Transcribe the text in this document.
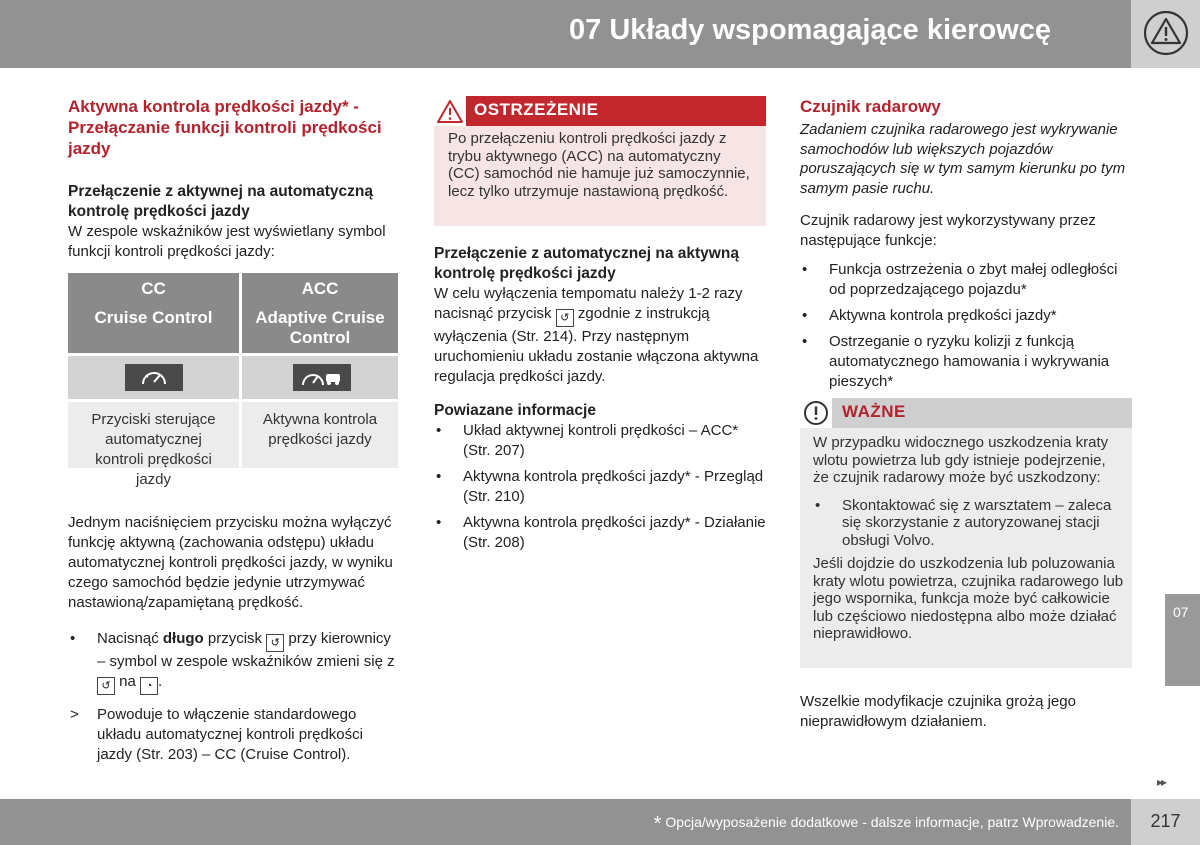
07 Układy wspomagające kierowcę
Aktywna kontrola prędkości jazdy* - Przełączanie funkcji kontroli prędkości jazdy
Przełączenie z aktywnej na automatyczną kontrolę prędkości jazdy

W zespole wskaźników jest wyświetlany symbol funkcji kontroli prędkości jazdy:

CC
Cruise Control
ACC
Adaptive Cruise Control
Przyciski sterujące automatycznej kontroli prędkości jazdy
Aktywna kontrola prędkości jazdy

Jednym naciśnięciem przycisku można wyłączyć funkcję aktywną (zachowania odstępu) układu automatycznej kontroli prędkości jazdy, w wyniku czego samochód będzie jedynie utrzymywać nastawioną/zapamiętaną prędkość.

• Nacisnąć długo przycisk ↺ przy kierownicy – symbol w zespole wskaźników zmieni się z ↺ na ◔ .
> Powoduje to włączenie standardowego układu automatycznej kontroli prędkości jazdy (Str. 203) – CC (Cruise Control).
OSTRZEŻENIE
Po przełączeniu kontroli prędkości jazdy z trybu aktywnego (ACC) na automatyczny (CC) samochód nie hamuje już samoczynnie, lecz tylko utrzymuje nastawioną prędkość.
Przełączenie z automatycznej na aktywną kontrolę prędkości jazdy

W celu wyłączenia tempomatu należy 1-2 razy nacisnąć przycisk ↺ zgodnie z instrukcją wyłączenia (Str. 214). Przy następnym uruchomieniu układu zostanie włączona aktywna regulacja prędkości jazdy.

Powiazane informacje
• Układ aktywnej kontroli prędkości – ACC* (Str. 207)
• Aktywna kontrola prędkości jazdy* - Przegląd (Str. 210)
• Aktywna kontrola prędkości jazdy* - Działanie (Str. 208)
Czujnik radarowy

Zadaniem czujnika radarowego jest wykrywanie samochodów lub większych pojazdów poruszających się w tym samym kierunku po tym samym pasie ruchu.

Czujnik radarowy jest wykorzystywany przez następujące funkcje:

• Funkcja ostrzeżenia o zbyt małej odległości od poprzedzającego pojazdu*
• Aktywna kontrola prędkości jazdy*
• Ostrzeganie o ryzyku kolizji z funkcją automatycznego hamowania i wykrywania pieszych*
WAŻNE

W przypadku widocznego uszkodzenia kraty wlotu powietrza lub gdy istnieje podejrzenie, że czujnik radarowy może być uszkodzony:

• Skontaktować się z warsztatem – zaleca się skorzystanie z autoryzowanej stacji obsługi Volvo.

Jeśli dojdzie do uszkodzenia lub poluzowania kraty wlotu powietrza, czujnika radarowego lub jego wspornika, funkcja może być całkowicie lub częściowo niedostępna albo może działać nieprawidłowo.

Wszelkie modyfikacje czujnika grożą jego nieprawidłowym działaniem.

07
▸▸
* Opcja/wyposażenie dodatkowe - dalsze informacje, patrz Wprowadzenie.	217
